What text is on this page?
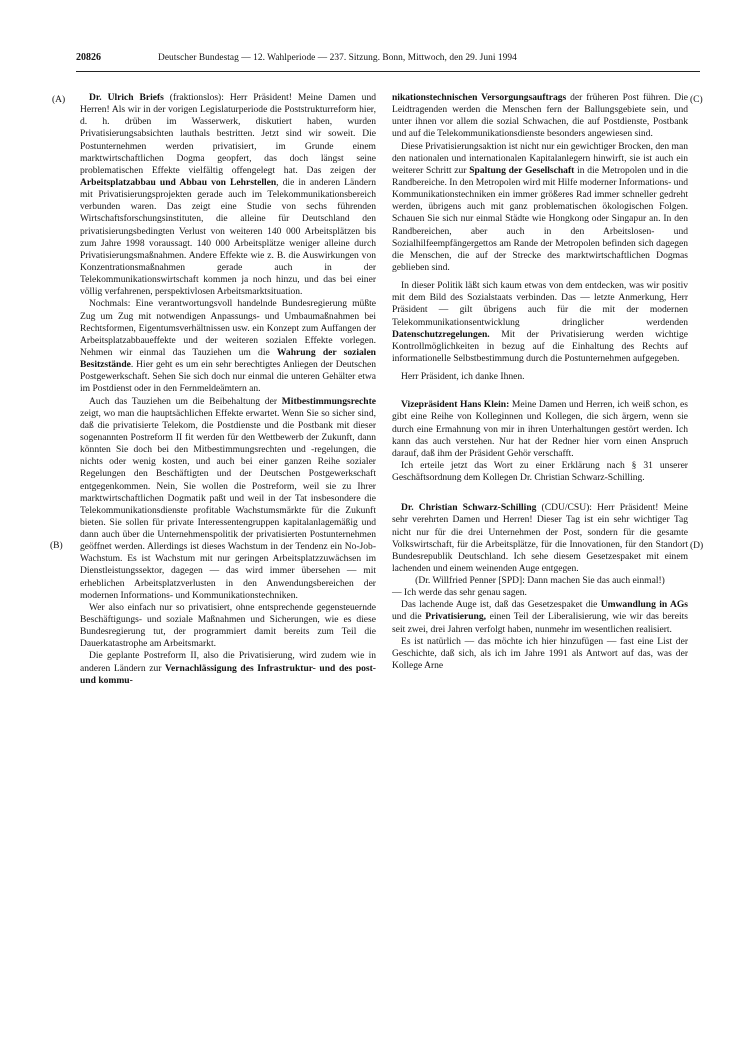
20826	Deutscher Bundestag — 12. Wahlperiode — 237. Sitzung. Bonn, Mittwoch, den 29. Juni 1994
(A)
(B)
(C)
(D)

Dr. Ulrich Briefs (fraktionslos): Herr Präsident! Meine Damen und Herren! Als wir in der vorigen Legislaturperiode die Poststrukturreform hier, d. h. drüben im Wasserwerk, diskutiert haben, wurden Privatisierungsabsichten lauthals bestritten. Jetzt sind wir soweit. Die Postunternehmen werden privatisiert, im Grunde einem marktwirtschaftlichen Dogma geopfert, das doch längst seine problematischen Effekte vielfältig offengelegt hat. Das zeigen der Arbeitsplatzabbau und Abbau von Lehrstellen, die in anderen Ländern mit Privatisierungsprojekten gerade auch im Telekommunikationsbereich verbunden waren. Das zeigt eine Studie von sechs führenden Wirtschaftsforschungsinstituten, die alleine für Deutschland den privatisierungsbedingten Verlust von weiteren 140 000 Arbeitsplätzen bis zum Jahre 1998 voraussagt. 140 000 Arbeitsplätze weniger alleine durch Privatisierungsmaßnahmen. Andere Effekte wie z. B. die Auswirkungen von Konzentrationsmaßnahmen gerade auch in der Telekommunikationswirtschaft kommen ja noch hinzu, und das bei einer völlig verfahrenen, perspektivlosen Arbeitsmarktsituation.

Nochmals: Eine verantwortungsvoll handelnde Bundesregierung müßte Zug um Zug mit notwendigen Anpassungs- und Umbaumaßnahmen bei Rechtsformen, Eigentumsverhältnissen usw. ein Konzept zum Auffangen der Arbeitsplatzabbaueffekte und der weiteren sozialen Effekte vorlegen. Nehmen wir einmal das Tauziehen um die Wahrung der sozialen Besitzstände. Hier geht es um ein sehr berechtigtes Anliegen der Deutschen Postgewerkschaft. Sehen Sie sich doch nur einmal die unteren Gehälter etwa im Postdienst oder in den Fernmeldeämtern an.

Auch das Tauziehen um die Beibehaltung der Mitbestimmungsrechte zeigt, wo man die hauptsächlichen Effekte erwartet. Wenn Sie so sicher sind, daß die privatisierte Telekom, die Postdienste und die Postbank mit dieser sogenannten Postreform II fit werden für den Wettbewerb der Zukunft, dann könnten Sie doch bei den Mitbestimmungsrechten und -regelungen, die nichts oder wenig kosten, und auch bei einer ganzen Reihe sozialer Regelungen den Beschäftigten und der Deutschen Postgewerkschaft entgegenkommen. Nein, Sie wollen die Postreform, weil sie zu Ihrer marktwirtschaftlichen Dogmatik paßt und weil in der Tat insbesondere die Telekommunikationsdienste profitable Wachstumsmärkte für die Zukunft bieten. Sie sollen für private Interessentengruppen kapitalanlagemäßig und dann auch über die Unternehmenspolitik der privatisierten Postunternehmen geöffnet werden. Allerdings ist dieses Wachstum in der Tendenz ein No-Job-Wachstum. Es ist Wachstum mit nur geringen Arbeitsplatzzuwächsen im Dienstleistungssektor, dagegen — das wird immer übersehen — mit erheblichen Arbeitsplatzverlusten in den Anwendungsbereichen der modernen Informations- und Kommunikationstechniken.

Wer also einfach nur so privatisiert, ohne entsprechende gegensteuernde Beschäftigungs- und soziale Maßnahmen und Sicherungen, wie es diese Bundesregierung tut, der programmiert damit bereits zum Teil die Dauerkatastrophe am Arbeitsmarkt.

Die geplante Postreform II, also die Privatisierung, wird zudem wie in anderen Ländern zur Vernachlässigung des Infrastruktur- und des post- und kommu-

nikationstechnischen Versorgungsauftrags der früheren Post führen. Die Leidtragenden werden die Menschen fern der Ballungsgebiete sein, und unter ihnen vor allem die sozial Schwachen, die auf Postdienste, Postbank und auf die Telekommunikationsdienste besonders angewiesen sind.

Diese Privatisierungsaktion ist nicht nur ein gewichtiger Brocken, den man den nationalen und internationalen Kapitalanlegern hinwirft, sie ist auch ein weiterer Schritt zur Spaltung der Gesellschaft in die Metropolen und in die Randbereiche. In den Metropolen wird mit Hilfe moderner Informations- und Kommunikationstechniken ein immer größeres Rad immer schneller gedreht werden, übrigens auch mit ganz problematischen ökologischen Folgen. Schauen Sie sich nur einmal Städte wie Hongkong oder Singapur an. In den Randbereichen, aber auch in den Arbeitslosen- und Sozialhilfeempfängergettos am Rande der Metropolen befinden sich dagegen die Menschen, die auf der Strecke des marktwirtschaftlichen Dogmas geblieben sind.

In dieser Politik läßt sich kaum etwas von dem entdecken, was wir positiv mit dem Bild des Sozialstaats verbinden. Das — letzte Anmerkung, Herr Präsident — gilt übrigens auch für die mit der modernen Telekommunikationsentwicklung dringlicher werdenden Datenschutzregelungen. Mit der Privatisierung werden wichtige Kontrollmöglichkeiten in bezug auf die Einhaltung des Rechts auf informationelle Selbstbestimmung durch die Postunternehmen aufgegeben.

Herr Präsident, ich danke Ihnen.

Vizepräsident Hans Klein: Meine Damen und Herren, ich weiß schon, es gibt eine Reihe von Kolleginnen und Kollegen, die sich ärgern, wenn sie durch eine Ermahnung von mir in ihren Unterhaltungen gestört werden. Ich kann das auch verstehen. Nur hat der Redner hier vorn einen Anspruch darauf, daß ihm der Präsident Gehör verschafft.

Ich erteile jetzt das Wort zu einer Erklärung nach § 31 unserer Geschäftsordnung dem Kollegen Dr. Christian Schwarz-Schilling.

Dr. Christian Schwarz-Schilling (CDU/CSU): Herr Präsident! Meine sehr verehrten Damen und Herren! Dieser Tag ist ein sehr wichtiger Tag nicht nur für die drei Unternehmen der Post, sondern für die gesamte Volkswirtschaft, für die Arbeitsplätze, für die Innovationen, für den Standort Bundesrepublik Deutschland. Ich sehe diesem Gesetzespaket mit einem lachenden und einem weinenden Auge entgegen.

(Dr. Willfried Penner [SPD]: Dann machen Sie das auch einmal!)

— Ich werde das sehr genau sagen.

Das lachende Auge ist, daß das Gesetzespaket die Umwandlung in AGs und die Privatisierung, einen Teil der Liberalisierung, wie wir das bereits seit zwei, drei Jahren verfolgt haben, nunmehr im wesentlichen realisiert.

Es ist natürlich — das möchte ich hier hinzufügen — fast eine List der Geschichte, daß sich, als ich im Jahre 1991 als Antwort auf das, was der Kollege Arne
